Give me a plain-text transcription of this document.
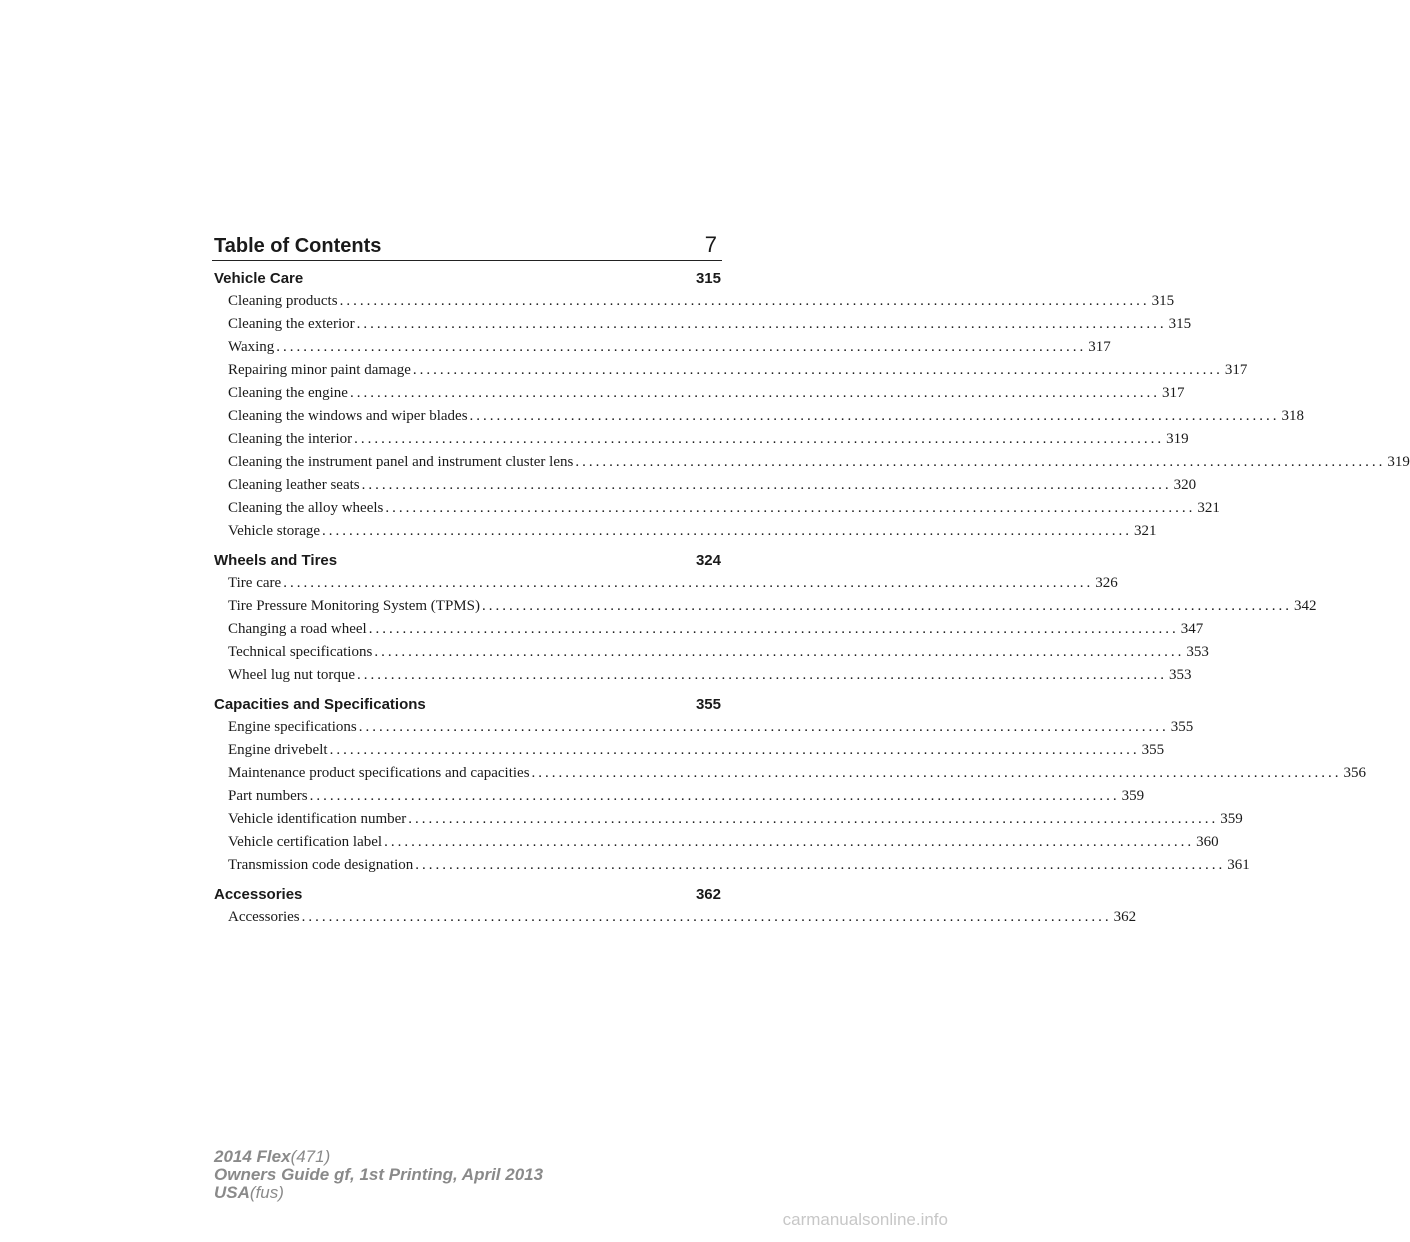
Table of Contents	7
Vehicle Care	315
Cleaning products ........................................................................................................................ 315
Cleaning the exterior ........................................................................................................................ 315
Waxing ........................................................................................................................ 317
Repairing minor paint damage ........................................................................................................................ 317
Cleaning the engine ........................................................................................................................ 317
Cleaning the windows and wiper blades ........................................................................................................................ 318
Cleaning the interior ........................................................................................................................ 319
Cleaning the instrument panel and instrument cluster lens ........................................................................................................................ 319
Cleaning leather seats ........................................................................................................................ 320
Cleaning the alloy wheels ........................................................................................................................ 321
Vehicle storage ........................................................................................................................ 321
Wheels and Tires	324
Tire care ........................................................................................................................ 326
Tire Pressure Monitoring System (TPMS) ........................................................................................................................ 342
Changing a road wheel ........................................................................................................................ 347
Technical specifications ........................................................................................................................ 353
Wheel lug nut torque ........................................................................................................................ 353
Capacities and Specifications	355
Engine specifications ........................................................................................................................ 355
Engine drivebelt ........................................................................................................................ 355
Maintenance product specifications and capacities ........................................................................................................................ 356
Part numbers ........................................................................................................................ 359
Vehicle identification number ........................................................................................................................ 359
Vehicle certification label ........................................................................................................................ 360
Transmission code designation ........................................................................................................................ 361
Accessories	362
Accessories ........................................................................................................................ 362
2014 Flex(471)
Owners Guide gf, 1st Printing, April 2013
USA(fus)
carmanualsonline.info
